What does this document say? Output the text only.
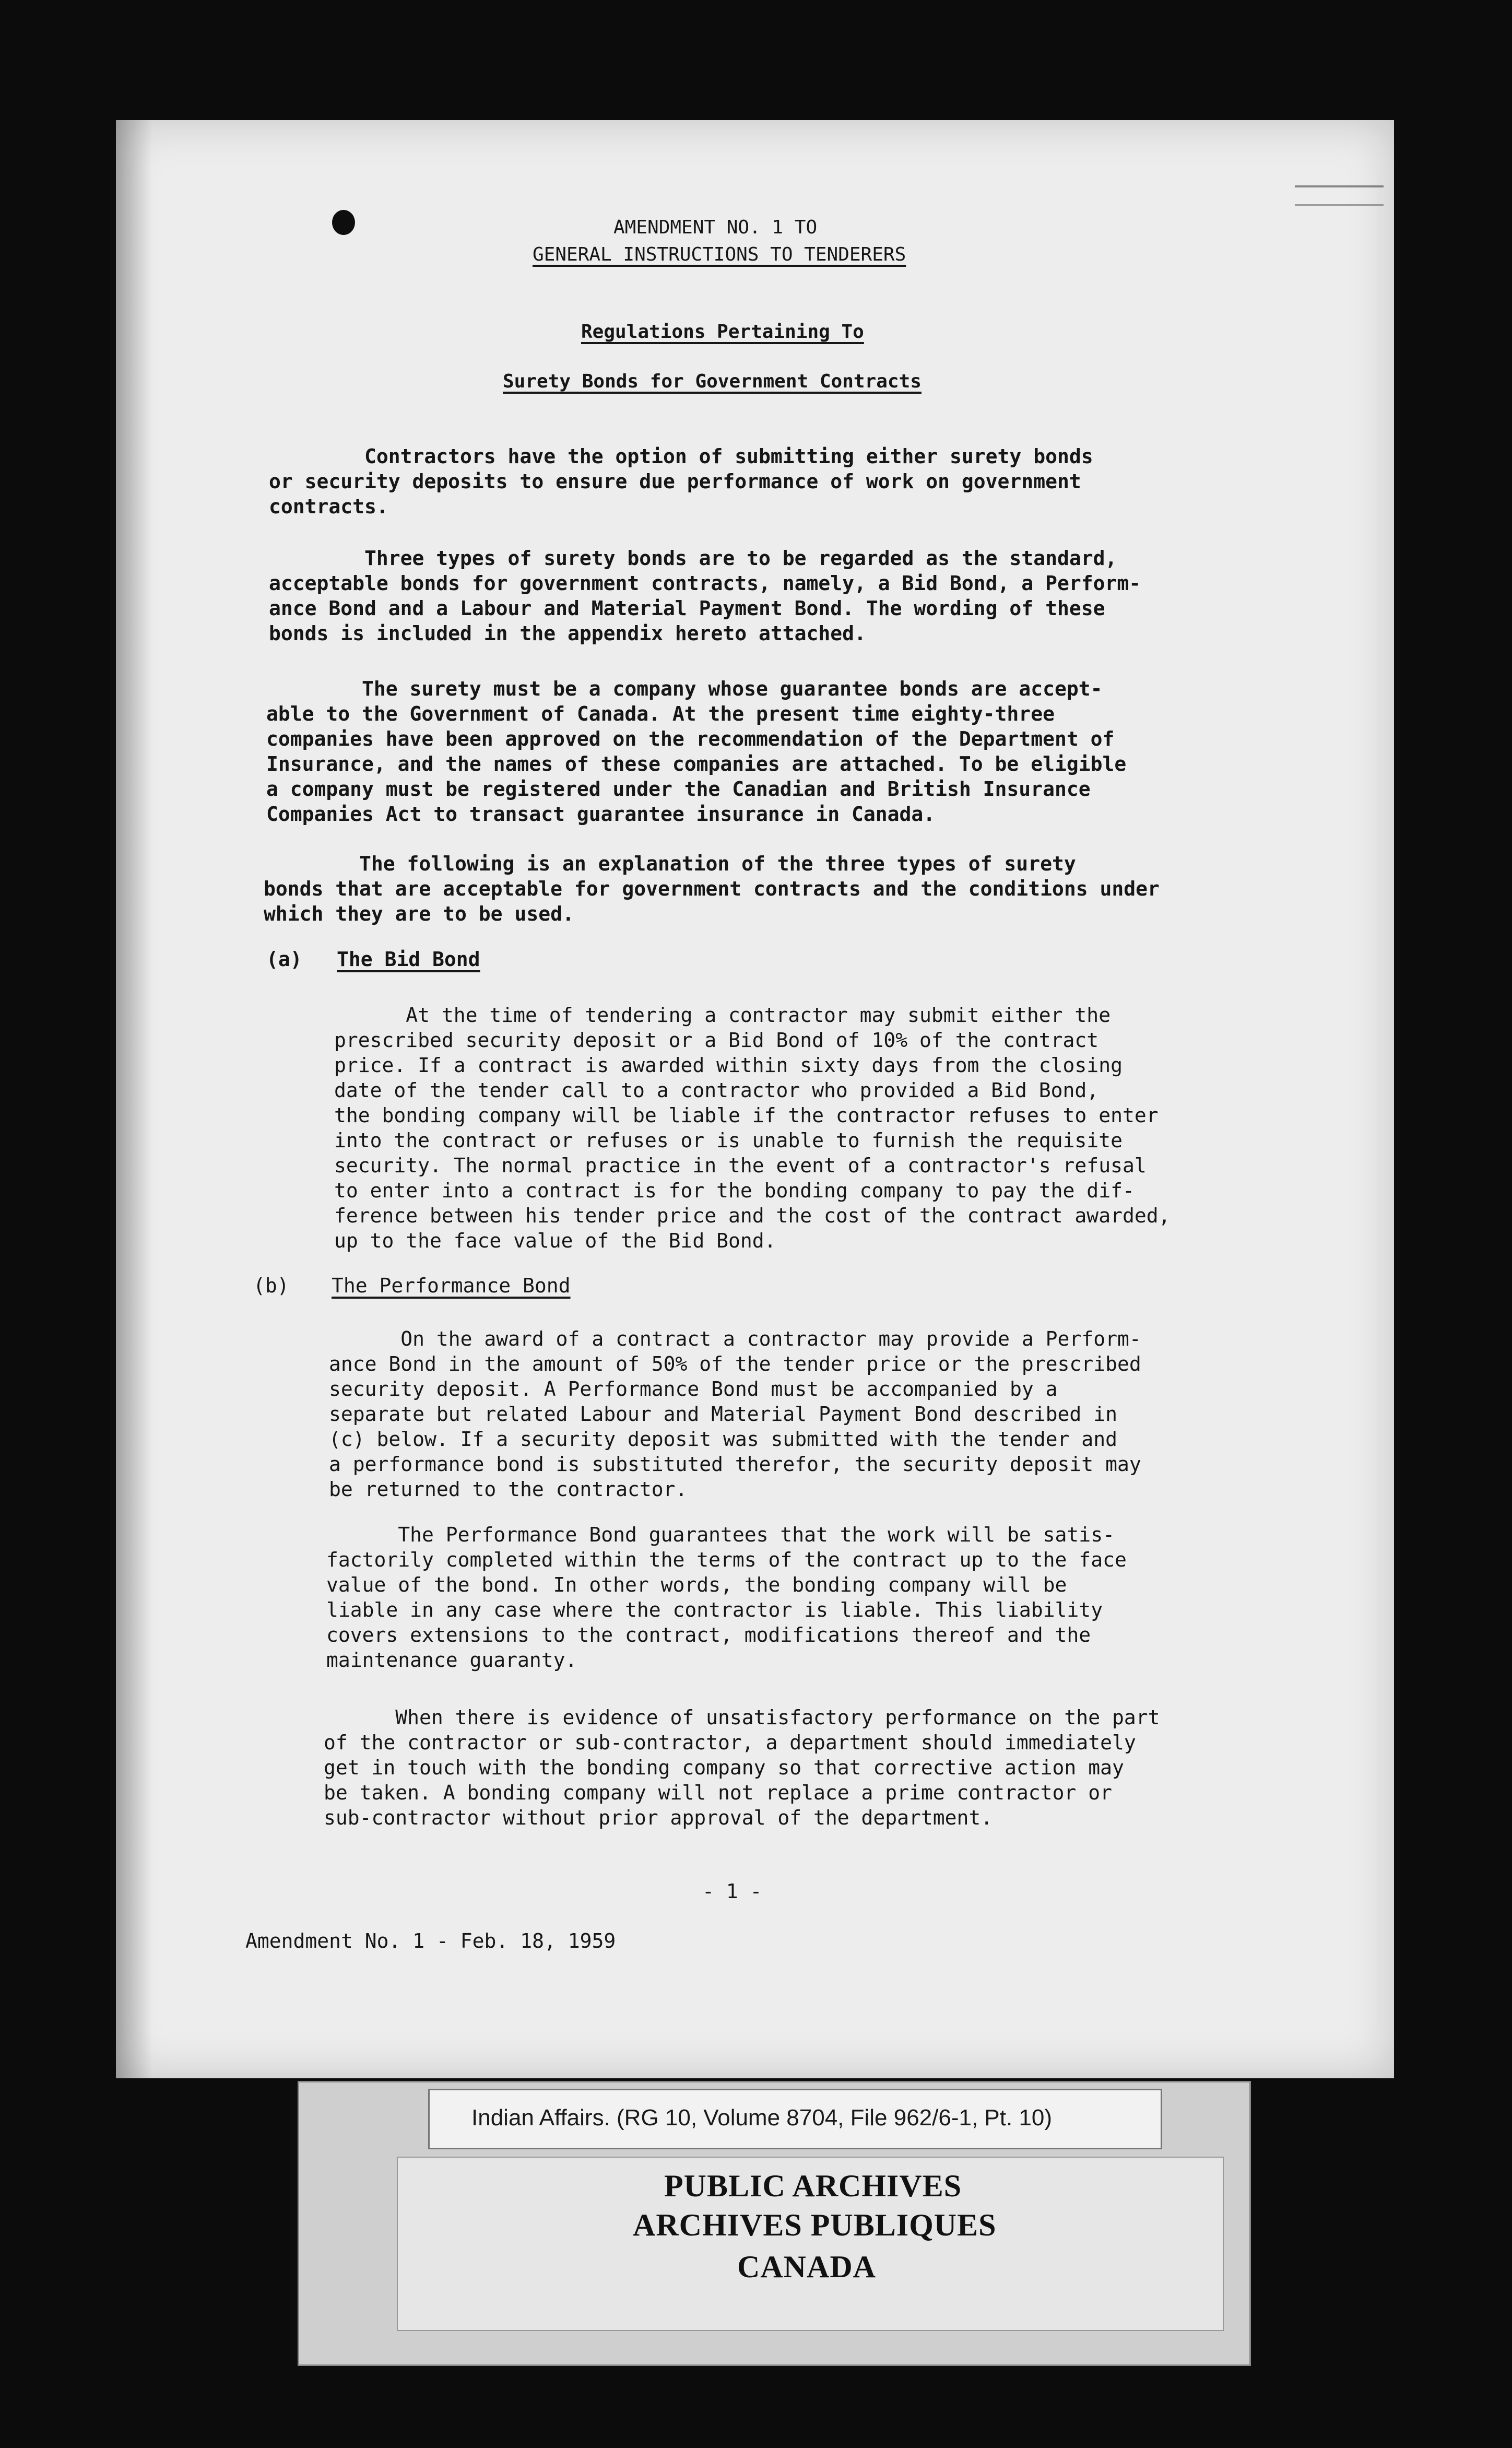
AMENDMENT NO. 1 TO
GENERAL INSTRUCTIONS TO TENDERERS
Regulations Pertaining To
Surety Bonds for Government Contracts
Contractors have the option of submitting either surety bonds
or security deposits to ensure due performance of work on government
contracts.
Three types of surety bonds are to be regarded as the standard,
acceptable bonds for government contracts, namely, a Bid Bond, a Perform-
ance Bond and a Labour and Material Payment Bond. The wording of these
bonds is included in the appendix hereto attached.
The surety must be a company whose guarantee bonds are accept-
able to the Government of Canada. At the present time eighty-three
companies have been approved on the recommendation of the Department of
Insurance, and the names of these companies are attached. To be eligible
a company must be registered under the Canadian and British Insurance
Companies Act to transact guarantee insurance in Canada.
The following is an explanation of the three types of surety
bonds that are acceptable for government contracts and the conditions under
which they are to be used.
(a) The Bid Bond
At the time of tendering a contractor may submit either the
prescribed security deposit or a Bid Bond of 10% of the contract
price. If a contract is awarded within sixty days from the closing
date of the tender call to a contractor who provided a Bid Bond,
the bonding company will be liable if the contractor refuses to enter
into the contract or refuses or is unable to furnish the requisite
security. The normal practice in the event of a contractor's refusal
to enter into a contract is for the bonding company to pay the dif-
ference between his tender price and the cost of the contract awarded,
up to the face value of the Bid Bond.
(b) The Performance Bond
On the award of a contract a contractor may provide a Perform-
ance Bond in the amount of 50% of the tender price or the prescribed
security deposit. A Performance Bond must be accompanied by a
separate but related Labour and Material Payment Bond described in
(c) below. If a security deposit was submitted with the tender and
a performance bond is substituted therefor, the security deposit may
be returned to the contractor.
The Performance Bond guarantees that the work will be satis-
factorily completed within the terms of the contract up to the face
value of the bond. In other words, the bonding company will be
liable in any case where the contractor is liable. This liability
covers extensions to the contract, modifications thereof and the
maintenance guaranty.
When there is evidence of unsatisfactory performance on the part
of the contractor or sub-contractor, a department should immediately
get in touch with the bonding company so that corrective action may
be taken. A bonding company will not replace a prime contractor or
sub-contractor without prior approval of the department.
- 1 -
Amendment No. 1 - Feb. 18, 1959
Indian Affairs. (RG 10, Volume 8704, File 962/6-1, Pt. 10)
PUBLIC ARCHIVES
ARCHIVES PUBLIQUES
CANADA
